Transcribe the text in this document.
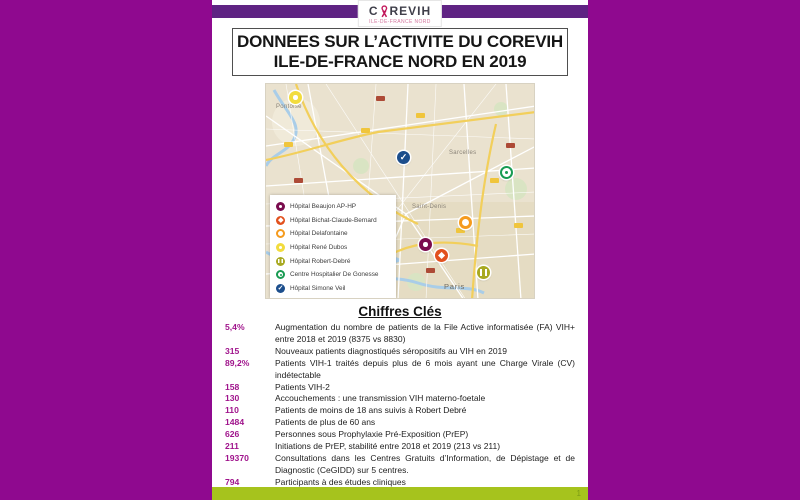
C REVIH
ILE-DE-FRANCE NORD
DONNEES SUR L’ACTIVITE DU COREVIH
ILE-DE-FRANCE NORD EN 2019
Pontoise
Sarcelles
Saint-Denis
Paris
✓
Hôpital Beaujon AP-HP
Hôpital Bichat-Claude-Bernard
Hôpital Delafontaine
Hôpital René Dubos
Hôpital Robert-Debré
Centre Hospitalier De Gonesse
✓
Hôpital Simone Veil
Chiffres Clés
5,4%	Augmentation du nombre de patients de la File Active informatisée (FA) VIH+ entre 2018 et 2019 (8375 vs 8830)
315	Nouveaux patients diagnostiqués séropositifs au VIH en 2019
89,2%	Patients VIH-1 traités depuis plus de 6 mois ayant une Charge Virale (CV) indétectable
158	Patients VIH-2
130	Accouchements : une transmission VIH materno-foetale
110	Patients de moins de 18 ans suivis à Robert Debré
1484	Patients de plus de 60 ans
626	Personnes sous Prophylaxie Pré-Exposition (PrEP)
211	Initiations de PrEP, stabilité entre 2018 et 2019 (213 vs 211)
19370	Consultations dans les Centres Gratuits d’Information, de Dépistage et de Diagnostic (CeGIDD) sur 5 centres.
794	Participants à des études cliniques
1
